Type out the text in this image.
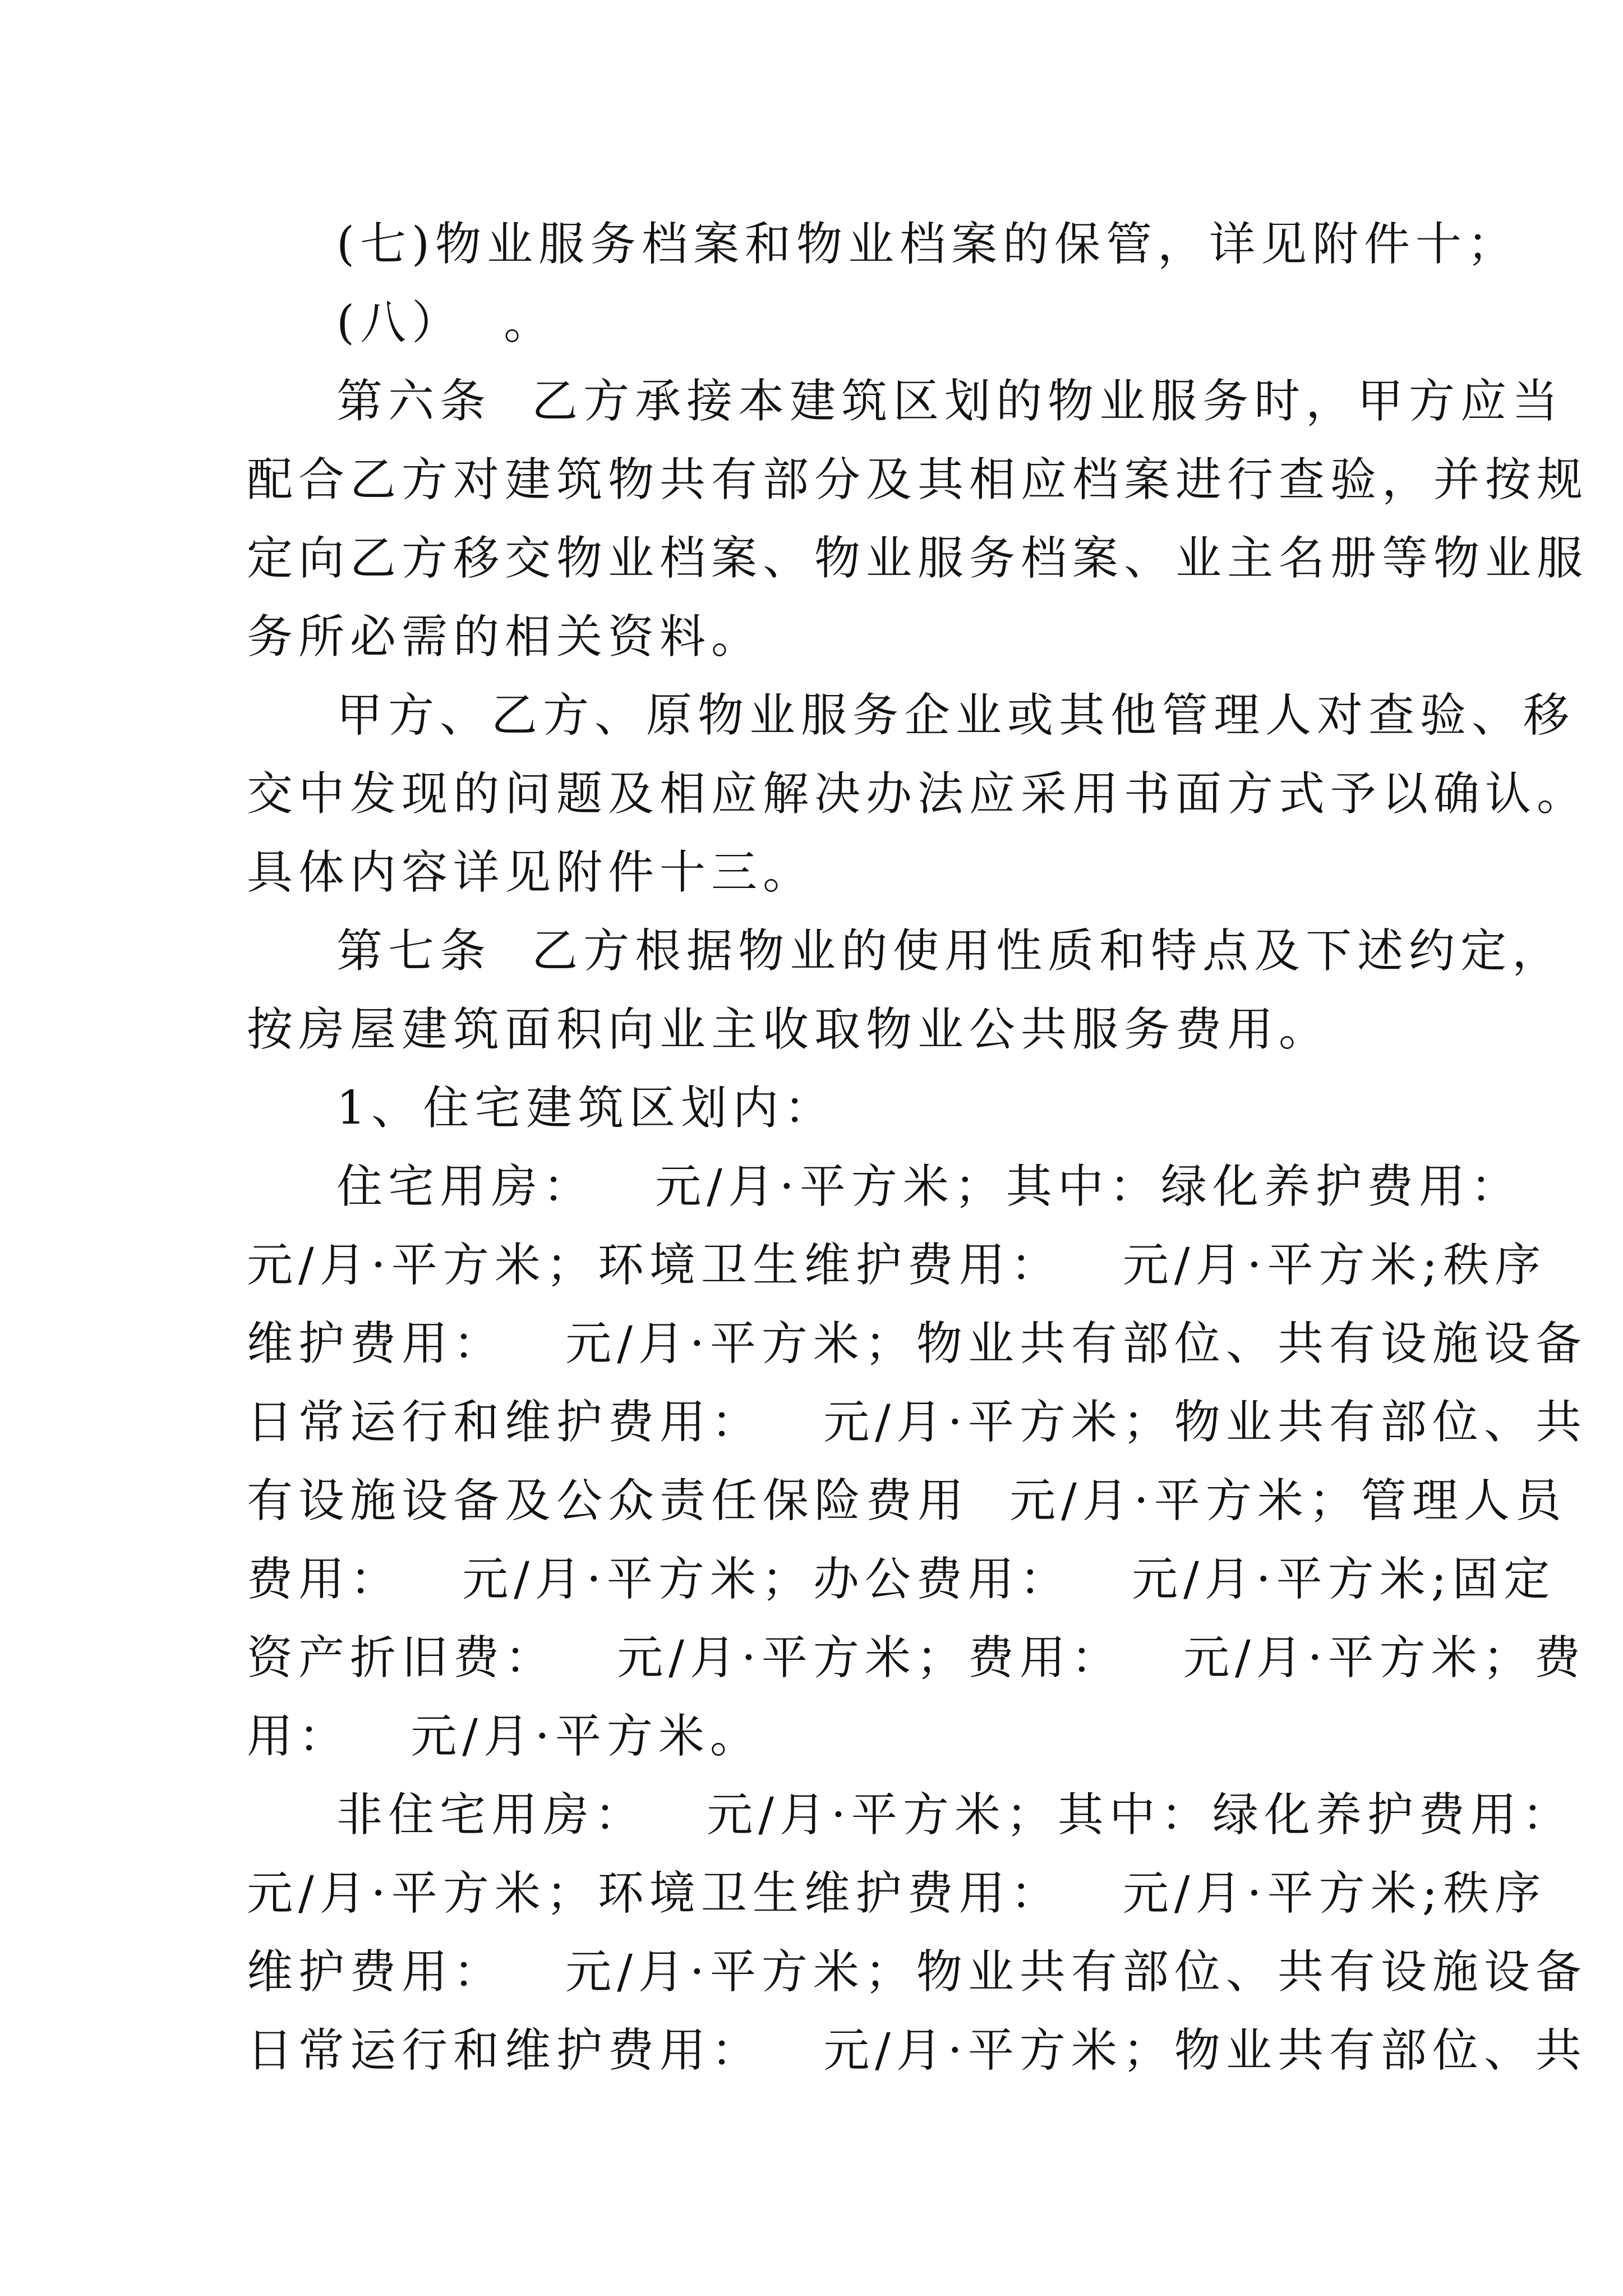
(七)物业服务档案和物业档案的保管，详见附件十；

(八）  。

第六条  乙方承接本建筑区划的物业服务时，甲方应当

配合乙方对建筑物共有部分及其相应档案进行查验，并按规

定向乙方移交物业档案、物业服务档案、业主名册等物业服

务所必需的相关资料。

甲方、乙方、原物业服务企业或其他管理人对查验、移

交中发现的问题及相应解决办法应采用书面方式予以确认。

具体内容详见附件十三。

第七条  乙方根据物业的使用性质和特点及下述约定，

按房屋建筑面积向业主收取物业公共服务费用。

1、住宅建筑区划内：

住宅用房：   元/月·平方米；其中：绿化养护费用：

元/月·平方米；环境卫生维护费用：   元/月·平方米;秩序

维护费用：   元/月·平方米；物业共有部位、共有设施设备

日常运行和维护费用：   元/月·平方米；物业共有部位、共

有设施设备及公众责任保险费用  元/月·平方米；管理人员

费用：   元/月·平方米；办公费用：   元/月·平方米;固定

资产折旧费：   元/月·平方米；费用：   元/月·平方米；费

用：   元/月·平方米。

非住宅用房：   元/月·平方米；其中：绿化养护费用：

元/月·平方米；环境卫生维护费用：   元/月·平方米;秩序

维护费用：   元/月·平方米；物业共有部位、共有设施设备

日常运行和维护费用：   元/月·平方米；物业共有部位、共
